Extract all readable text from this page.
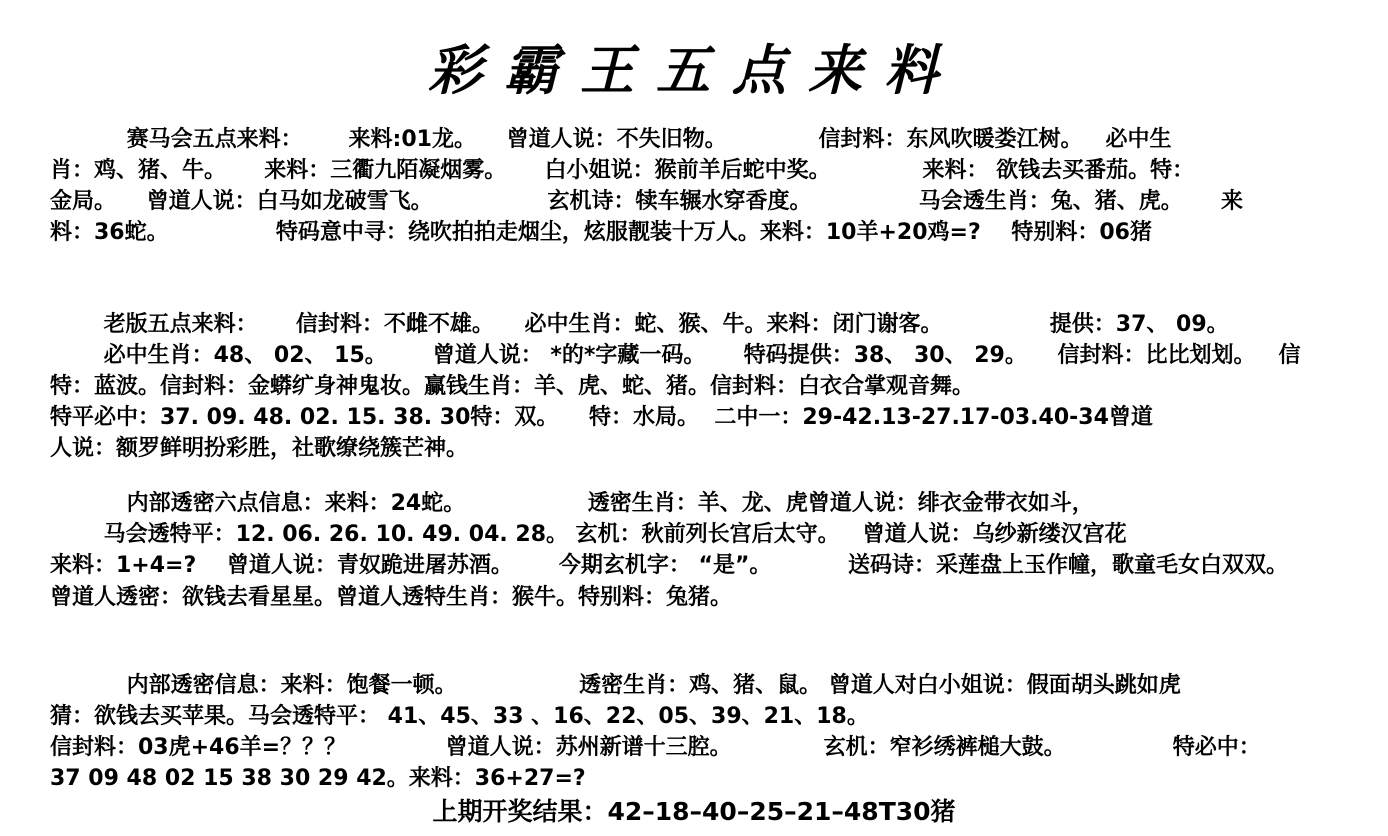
彩霸王五点来料
赛马会五点来料：      来料:01龙。    曾道人说：不失旧物。            信封料：东风吹暖娄江树。   必中生
肖：鸡、猪、牛。     来料：三衢九陌凝烟雾。     白小姐说：猴前羊后蛇中奖。            来料： 欲钱去买番茄。特：
金局。    曾道人说：白马如龙破雪飞。               玄机诗：犊车辗水穿香度。              马会透生肖：兔、猪、虎。     来
料：36蛇。              特码意中寻：绕吹拍拍走烟尘，炫服靓装十万人。来料：10羊+20鸡=?    特别料：06猪
老版五点来料：     信封料：不雌不雄。    必中生肖：蛇、猴、牛。来料：闭门谢客。              提供：37、 09。
必中生肖：48、 02、 15。      曾道人说： *的*字藏一码。     特码提供：38、 30、 29。    信封料：比比划划。   信
特：蓝波。信封料：金蟒纩身神鬼妆。赢钱生肖：羊、虎、蛇、猪。信封料：白衣合掌观音舞。
特平必中：37. 09. 48. 02. 15. 38. 30特：双。    特：水局。  二中一：29-42.13-27.17-03.40-34曾道
人说：额罗鲜明扮彩胜，社歌缭绕簇芒神。
内部透密六点信息：来料：24蛇。                透密生肖：羊、龙、虎曾道人说：绯衣金带衣如斗，
马会透特平：12. 06. 26. 10. 49. 04. 28。 玄机：秋前列长宫后太守。   曾道人说：乌纱新缕汉宫花
来料：1+4=?    曾道人说：青奴跪进屠苏酒。      今期玄机字： “是”。          送码诗：采莲盘上玉作幢，歌童毛女白双双。
曾道人透密：欲钱去看星星。曾道人透特生肖：猴牛。特别料：兔猪。
内部透密信息：来料：饱餐一顿。                透密生肖：鸡、猪、鼠。 曾道人对白小姐说：假面胡头跳如虎
猜：欲钱去买苹果。马会透特平： 41、45、33 、16、22、05、39、21、18。
信封料：03虎+46羊=？？？             曾道人说：苏州新谱十三腔。            玄机：窄衫绣裤槌大鼓。              特必中：
37 09 48 02 15 38 30 29 42。来料：36+27=?
上期开奖结果：42–18–40–25–21–48T30猪
